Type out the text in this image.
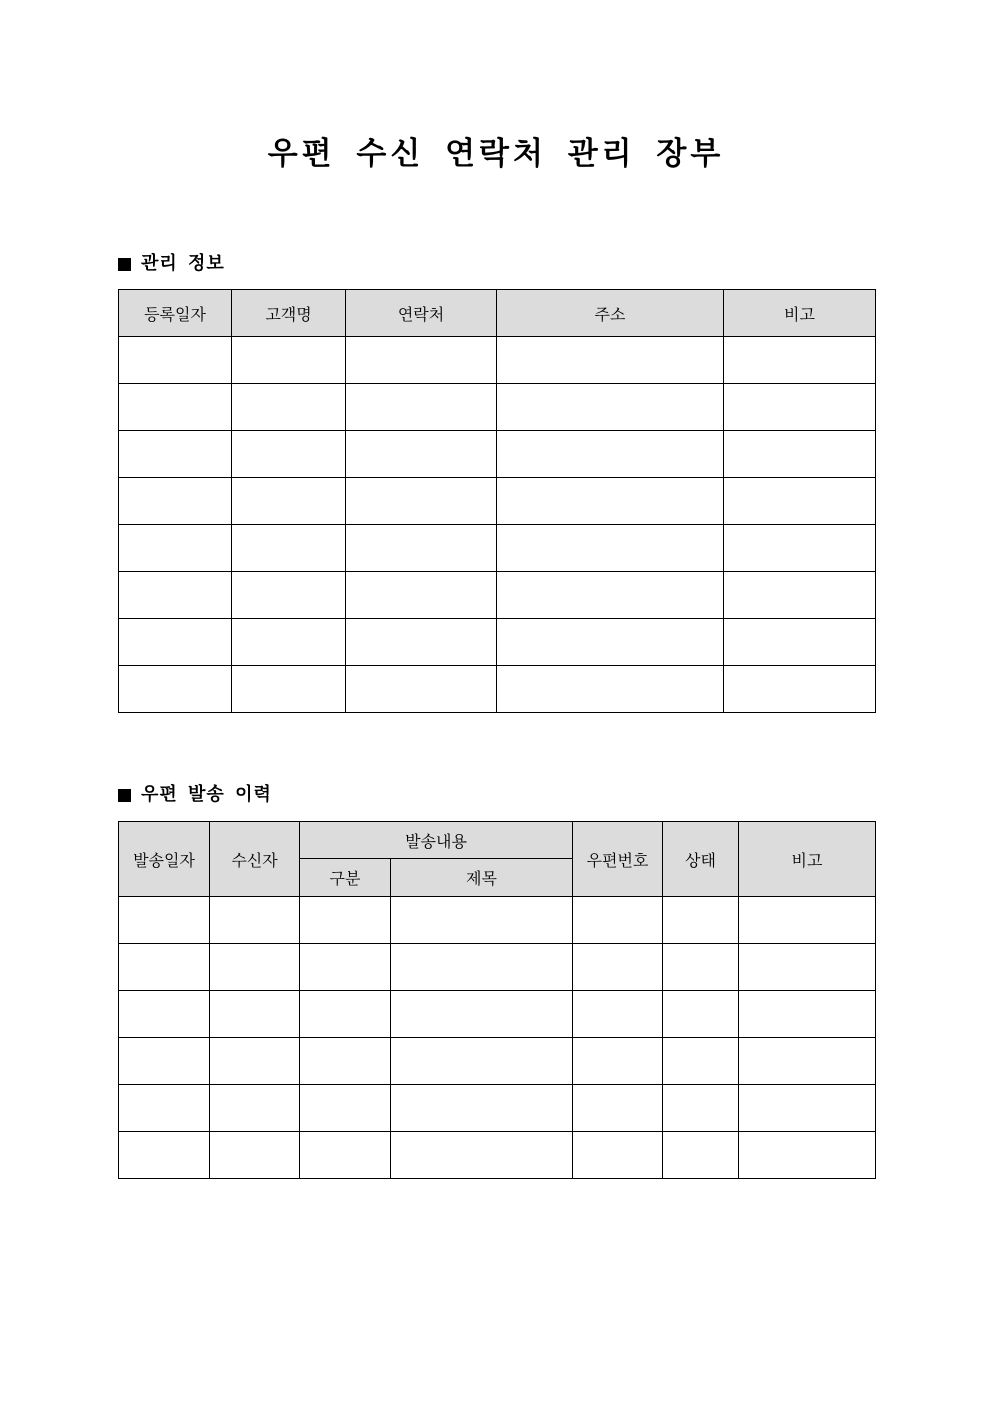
우편 수신 연락처 관리 장부
관리 정보
등록일자	고객명	연락처	주소	비고

우편 발송 이력
발송일자	수신자	발송내용		우편번호	상태	비고
		구분	제목			
